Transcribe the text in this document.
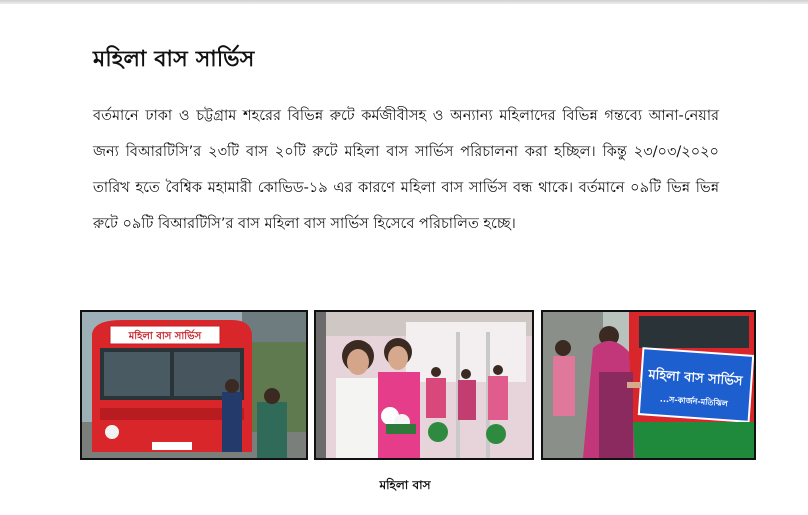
মহিলা বাস সার্ভিস
বর্তমানে ঢাকা ও চট্টগ্রাম শহরের বিভিন্ন রুটে কর্মজীবীসহ ও অন্যান্য মহিলাদের বিভিন্ন গন্তব্যে আনা-নেয়ার জন্য বিআরটিসি’র ২৩টি বাস ২০টি রুটে মহিলা বাস সার্ভিস পরিচালনা করা হচ্ছিল। কিন্তু ২৩/০৩/২০২০ তারিখ হতে বৈশ্বিক মহামারী কোভিড-১৯ এর কারণে মহিলা বাস সার্ভিস বন্ধ থাকে। বর্তমানে ০৯টি ভিন্ন ভিন্ন রুটে ০৯টি বিআরটিসি’র বাস মহিলা বাস সার্ভিস হিসেবে পরিচালিত হচ্ছে।
মহিলা বাস সার্ভিস
মহিলা বাস সার্ভিস
...স-কার্জন-মতিঝিল
মহিলা বাস
